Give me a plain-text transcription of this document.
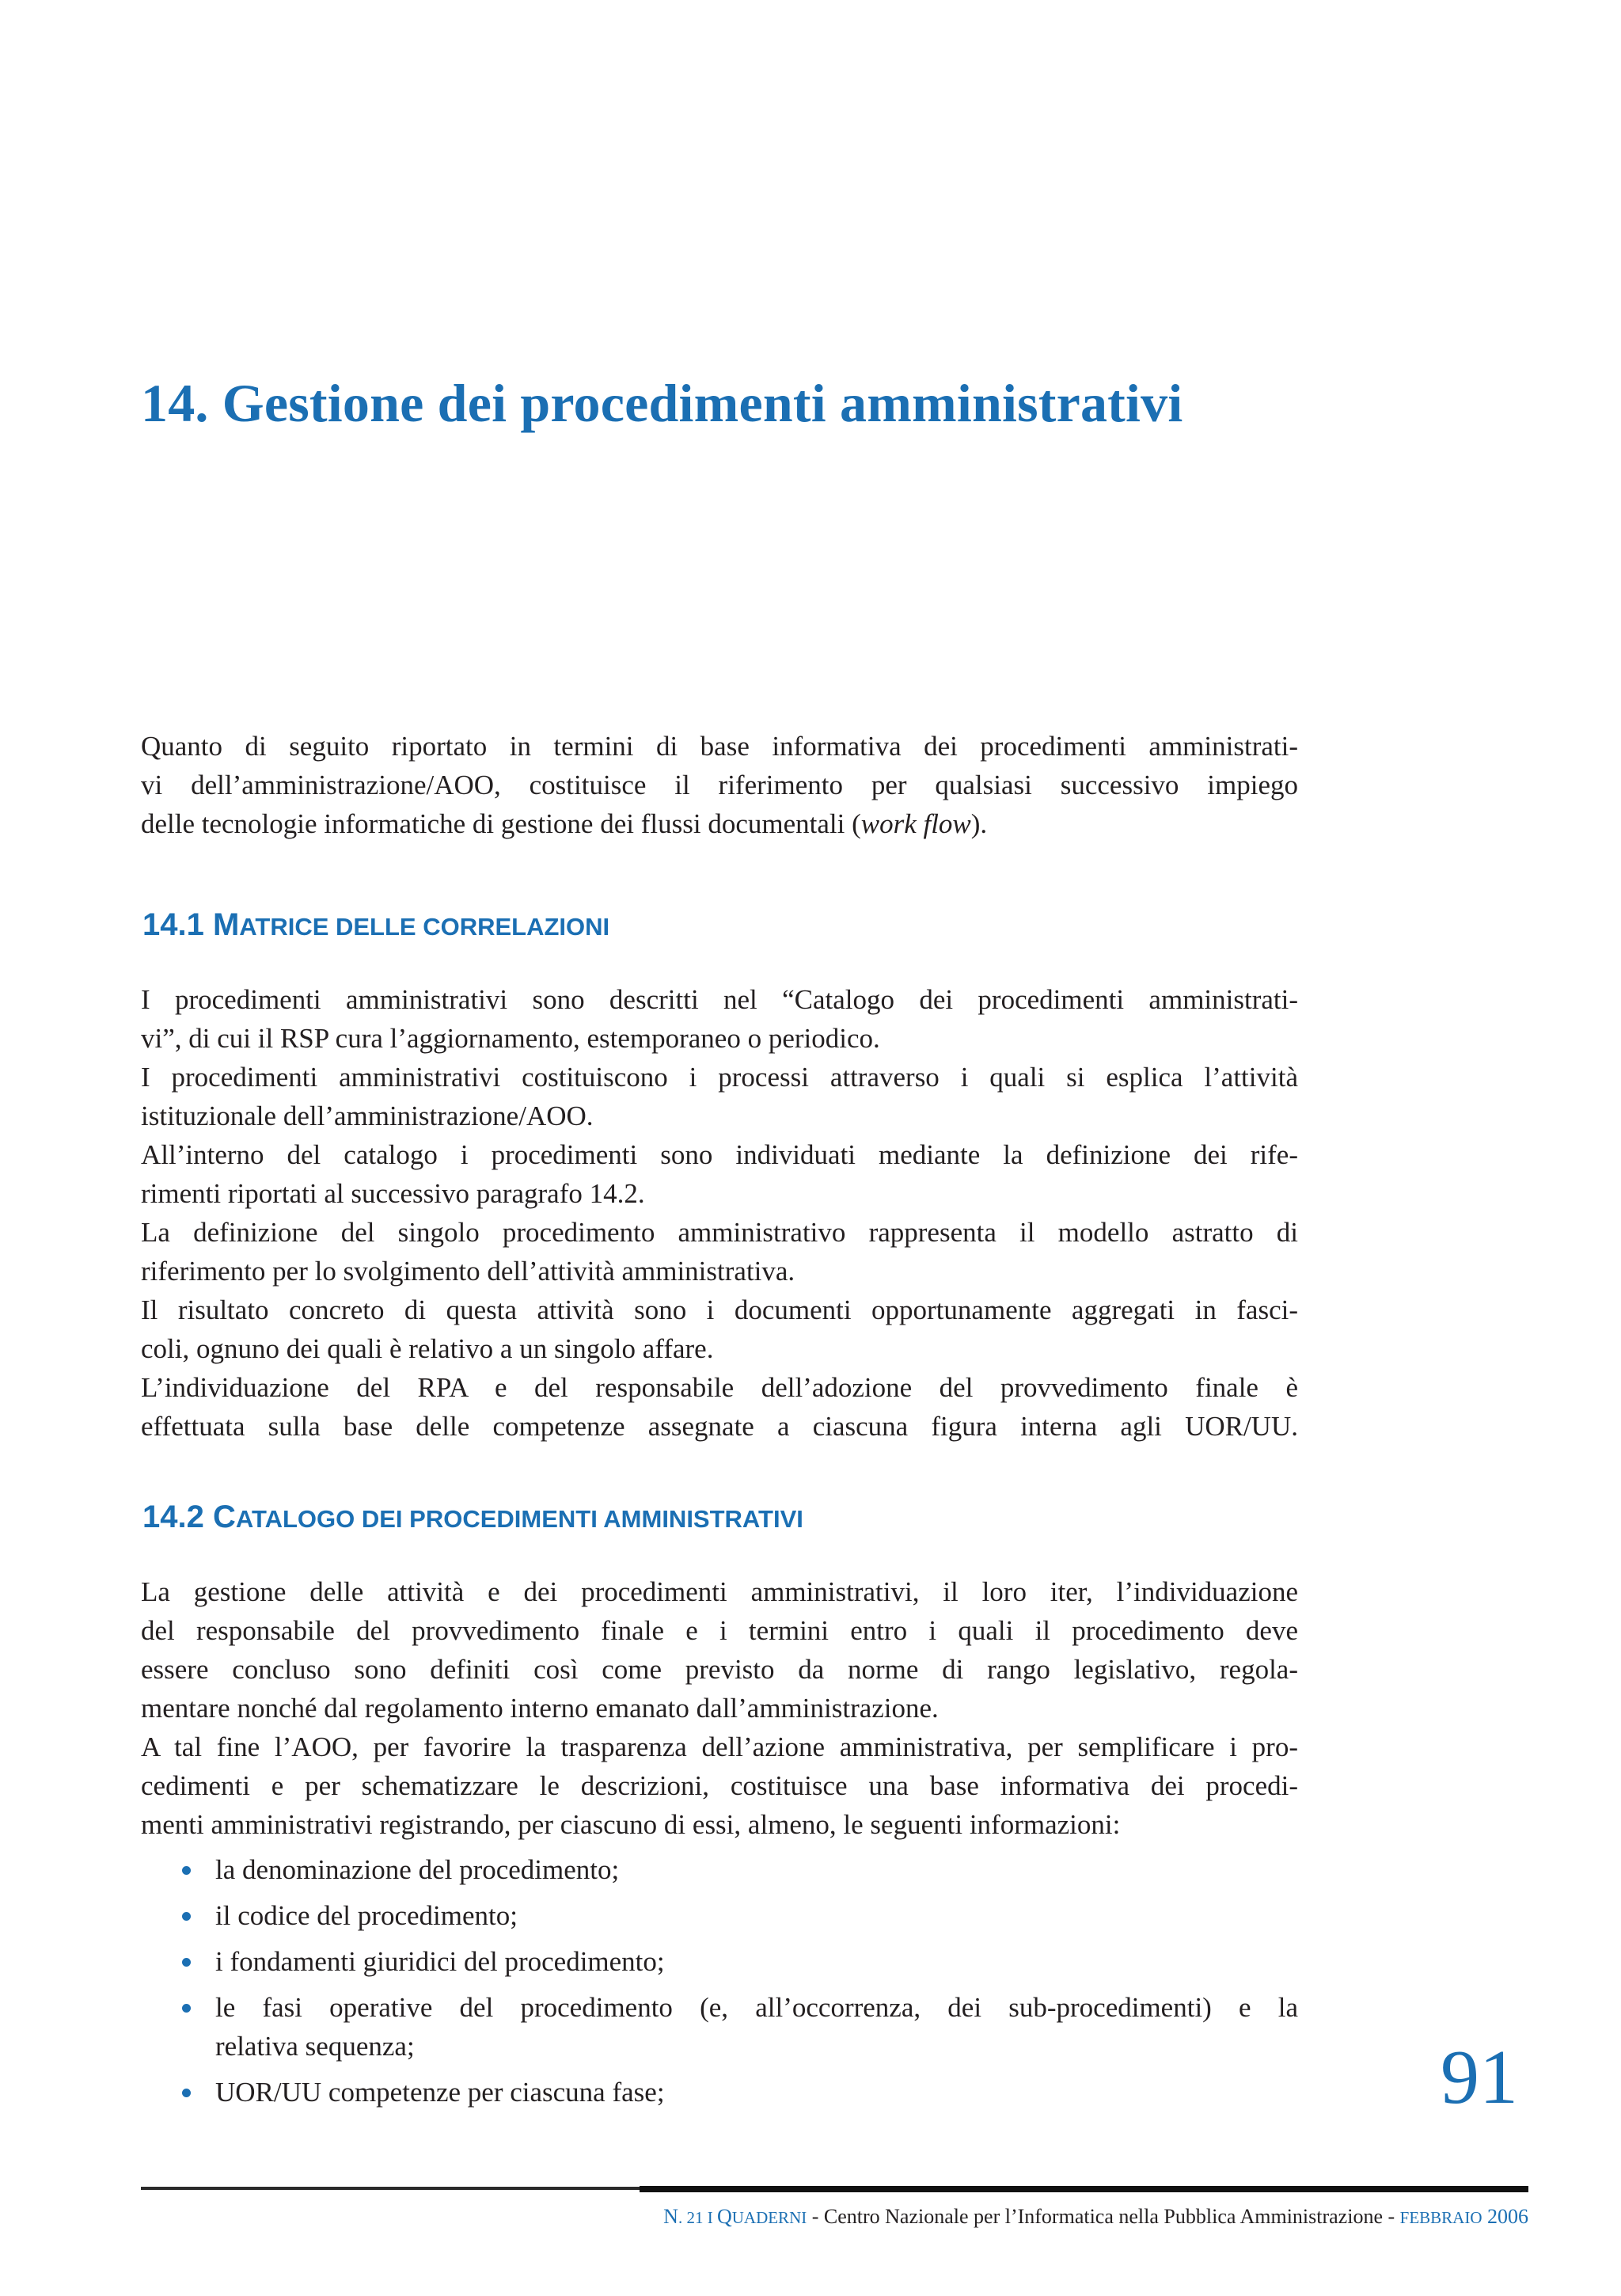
14. Gestione dei procedimenti amministrativi

Quanto di seguito riportato in termini di base informativa dei procedimenti amministrati-

vi dell’amministrazione/AOO, costituisce il riferimento per qualsiasi successivo impiego

delle tecnologie informatiche di gestione dei flussi documentali (work flow).

14.1 MATRICE DELLE CORRELAZIONI

I procedimenti amministrativi sono descritti nel “Catalogo dei procedimenti amministrati-

vi”, di cui il RSP cura l’aggiornamento, estemporaneo o periodico.

I procedimenti amministrativi costituiscono i processi attraverso i quali si esplica l’attività

istituzionale dell’amministrazione/AOO.

All’interno del catalogo i procedimenti sono individuati mediante la definizione dei rife-

rimenti riportati al successivo paragrafo 14.2.

La definizione del singolo procedimento amministrativo rappresenta il modello astratto di

riferimento per lo svolgimento dell’attività amministrativa.

Il risultato concreto di questa attività sono i documenti opportunamente aggregati in fasci-

coli, ognuno dei quali è relativo a un singolo affare.

L’individuazione del RPA e del responsabile dell’adozione del provvedimento finale è

effettuata sulla base delle competenze assegnate a ciascuna figura interna agli UOR/UU.

14.2 CATALOGO DEI PROCEDIMENTI AMMINISTRATIVI

La gestione delle attività e dei procedimenti amministrativi, il loro iter, l’individuazione

del responsabile del provvedimento finale e i termini entro i quali il procedimento deve

essere concluso sono definiti così come previsto da norme di rango legislativo, regola-

mentare nonché dal regolamento interno emanato dall’amministrazione.

A tal fine l’AOO, per favorire la trasparenza dell’azione amministrativa, per semplificare i pro-

cedimenti e per schematizzare le descrizioni, costituisce una base informativa dei procedi-

menti amministrativi registrando, per ciascuno di essi, almeno, le seguenti informazioni:

la denominazione del procedimento;
il codice del procedimento;
i fondamenti giuridici del procedimento;
le fasi operative del procedimento (e, all’occorrenza, dei sub-procedimenti) e la
relativa sequenza;
UOR/UU competenze per ciascuna fase;	91
N. 21 I QUADERNI - Centro Nazionale per l’Informatica nella Pubblica Amministrazione - FEBBRAIO 2006
